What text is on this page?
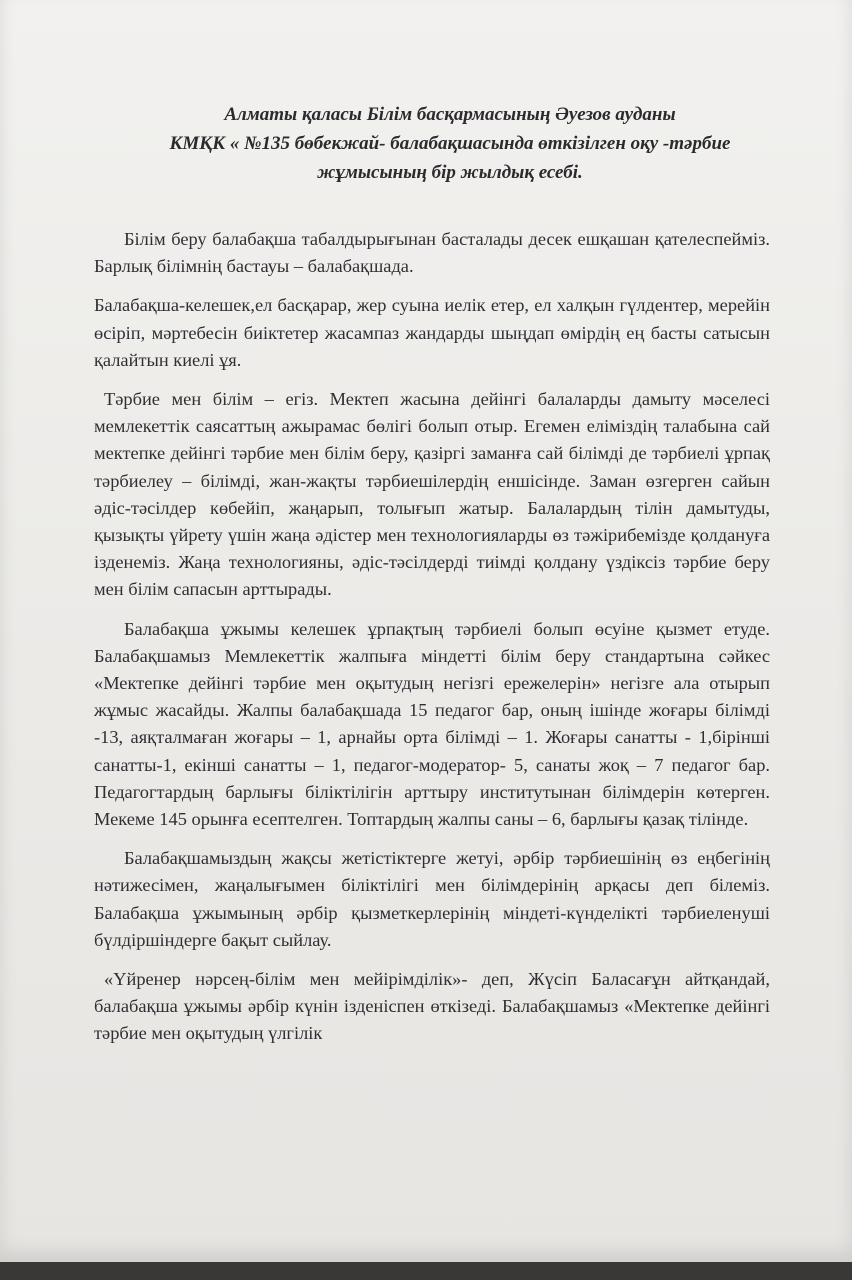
Алматы қаласы Білім басқармасының Әуезов ауданы
КМҚК « №135 бөбекжай- балабақшасында өткізілген оқу -тәрбие
жұмысының бір жылдық есебі.

Білім беру балабақша табалдырығынан басталады десек ешқашан қателеспейміз. Барлық білімнің бастауы – балабақшада.

Балабақша-келешек,ел басқарар, жер суына иелік етер, ел халқын гүлдентер, мерейін өсіріп, мәртебесін биіктетер жасампаз жандарды шыңдап өмірдің ең басты сатысын қалайтын киелі ұя.

Тәрбие мен білім – егіз. Мектеп жасына дейінгі балаларды дамыту мәселесі мемлекеттік саясаттың ажырамас бөлігі болып отыр. Егемен еліміздің талабына сай мектепке дейінгі тәрбие мен білім беру, қазіргі заманға сай білімді де тәрбиелі ұрпақ тәрбиелеу – білімді, жан-жақты тәрбиешілердің еншісінде. Заман өзгерген сайын әдіс-тәсілдер көбейіп, жаңарып, толығып жатыр. Балалардың тілін дамытуды, қызықты үйрету үшін жаңа әдістер мен технологияларды өз тәжірибемізде қолдануға ізденеміз. Жаңа технологияны, әдіс-тәсілдерді тиімді қолдану үздіксіз тәрбие беру мен білім сапасын арттырады.

Балабақша ұжымы келешек ұрпақтың тәрбиелі болып өсуіне қызмет етуде. Балабақшамыз Мемлекеттік жалпыға міндетті білім беру стандартына сәйкес «Мектепке дейінгі тәрбие мен оқытудың негізгі ережелерін» негізге ала отырып жұмыс жасайды. Жалпы балабақшада 15 педагог бар, оның ішінде жоғары білімді -13, аяқталмаған жоғары – 1, арнайы орта білімді – 1. Жоғары санатты - 1,бірінші санатты-1, екінші санатты – 1, педагог-модератор- 5, санаты жоқ – 7 педагог бар. Педагогтардың барлығы біліктілігін арттыру институтынан білімдерін көтерген. Мекеме 145 орынға есептелген. Топтардың жалпы саны – 6, барлығы қазақ тілінде.

Балабақшамыздың жақсы жетістіктерге жетуі, әрбір тәрбиешінің өз еңбегінің нәтижесімен, жаңалығымен біліктілігі мен білімдерінің арқасы деп білеміз. Балабақша ұжымының әрбір қызметкерлерінің міндеті-күнделікті тәрбиеленуші бүлдіршіндерге бақыт сыйлау.

«Үйренер нәрсең-білім мен мейірімділік»- деп, Жүсіп Баласағұн айтқандай, балабақша ұжымы әрбір күнін ізденіспен өткізеді. Балабақшамыз «Мектепке дейінгі тәрбие мен оқытудың үлгілік
